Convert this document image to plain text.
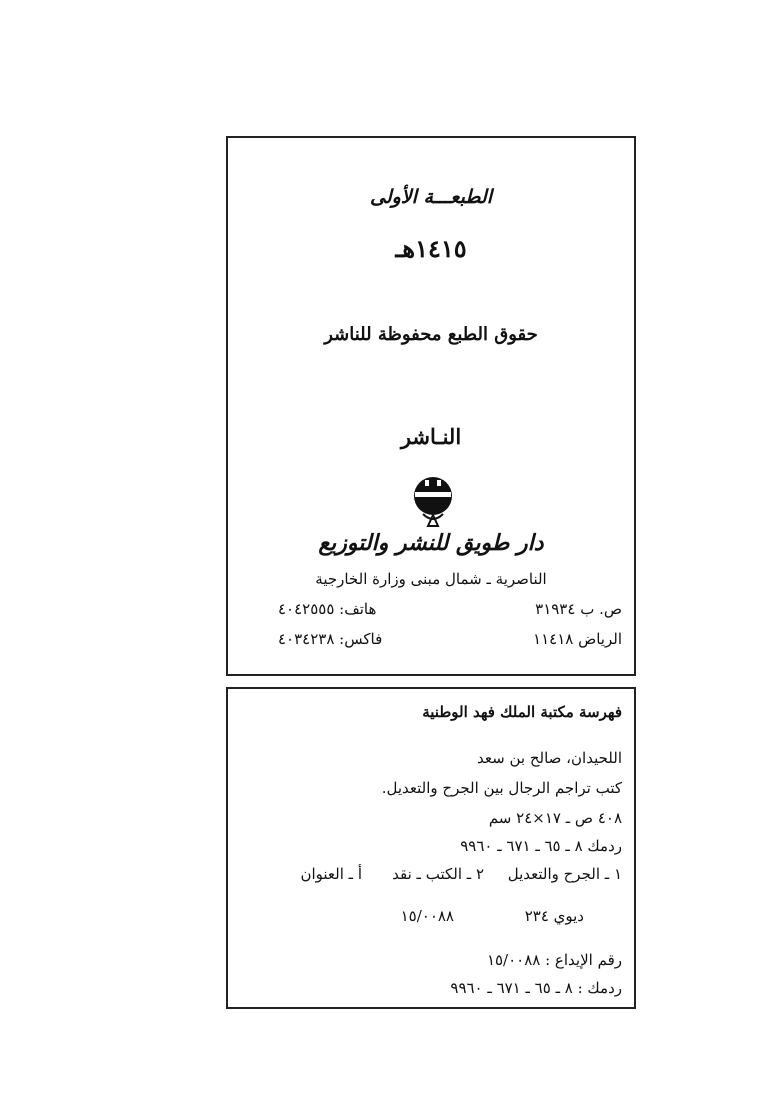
الطبعـــة الأولى
١٤١٥هـ
حقوق الطبع محفوظة للناشر
النـاشر
دار طويق للنشر والتوزيع
الناصرية ـ شمال مبنى وزارة الخارجية
ص. ب ٣١٩٣٤
هاتف: ٤٠٤٢٥٥٥
الرياض ١١٤١٨
فاكس: ٤٠٣٤٢٣٨
فهرسة مكتبة الملك فهد الوطنية
اللحيدان، صالح بن سعد
كتب تراجم الرجال بين الجرح والتعديل.
٤٠٨ ص ـ ١٧×٢٤ سم
ردمك ٨ ـ ٦٥ ـ ٦٧١ ـ ٩٩٦٠
١ ـ الجرح والتعديل
٢ ـ الكتب ـ نقد
أ ـ العنوان
ديوي ٢٣٤
١٥/٠٠٨٨
رقم الإيداع : ١٥/٠٠٨٨
ردمك : ٨ ـ ٦٥ ـ ٦٧١ ـ ٩٩٦٠
